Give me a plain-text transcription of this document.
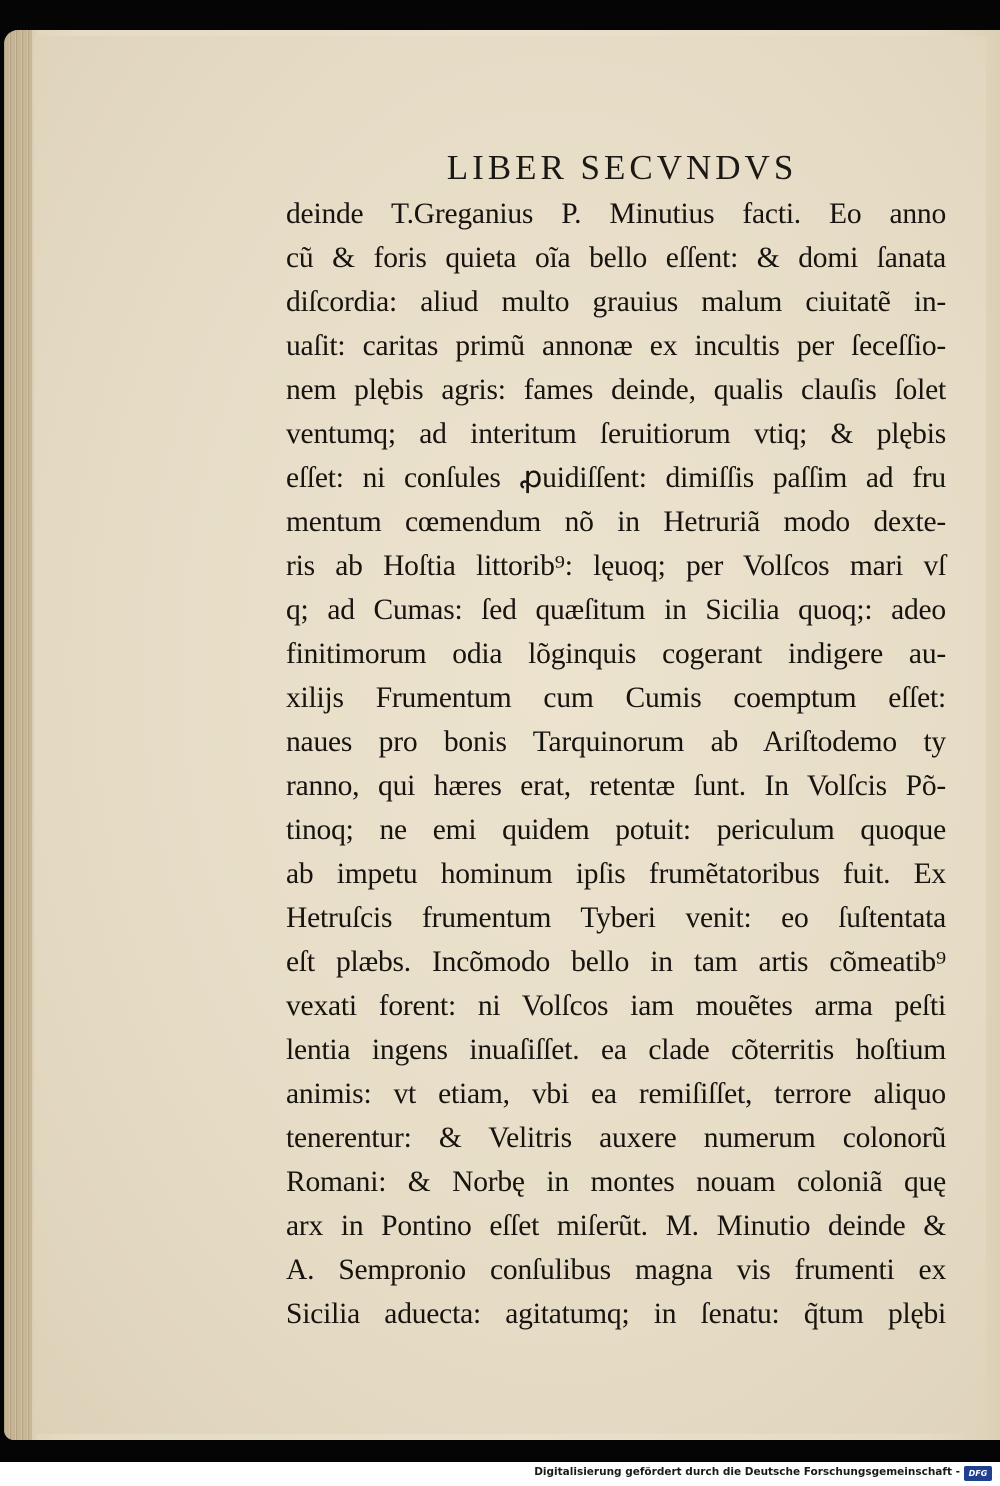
LIBER SECVNDVS
deinde T.Greganius P. Minutius facti. Eo anno
cũ & foris quieta oĩa bello eſſent: & domi ſanata
diſcordia: aliud multo grauius malum ciuitatẽ in-
uaſit: caritas primũ annonæ ex incultis per ſeceſſio-
nem plębis agris: fames deinde, qualis clauſis ſolet
ventumq; ad interitum ſeruitiorum vtiq; & plębis
eſſet: ni conſules ꝓuidiſſent: dimiſſis paſſim ad fru
mentum cœmendum nõ in Hetruriã modo dexte-
ris ab Hoſtia littorib⁹: lęuoq; per Volſcos mari vſ
q; ad Cumas: ſed quæſitum in Sicilia quoq;: adeo
finitimorum odia lõginquis cogerant indigere au-
xilijs Frumentum cum Cumis coemptum eſſet:
naues pro bonis Tarquinorum ab Ariſtodemo ty
ranno, qui hæres erat, retentæ ſunt. In Volſcis Põ-
tinoq; ne emi quidem potuit: periculum quoque
ab impetu hominum ipſis frumẽtatoribus fuit. Ex
Hetruſcis frumentum Tyberi venit: eo ſuſtentata
eſt plæbs. Incõmodo bello in tam artis cõmeatib⁹
vexati forent: ni Volſcos iam mouẽtes arma peſti
lentia ingens inuaſiſſet. ea clade cõterritis hoſtium
animis: vt etiam, vbi ea remiſiſſet, terrore aliquo
tenerentur: & Velitris auxere numerum colonorũ
Romani: & Norbę in montes nouam coloniã quę
arx in Pontino eſſet miſerũt. M. Minutio deinde &
A. Sempronio conſulibus magna vis frumenti ex
Sicilia aduecta: agitatumq; in ſenatu: q̃tum plębi
Digitalisierung gefördert durch die Deutsche Forschungsgemeinschaft - DFG
